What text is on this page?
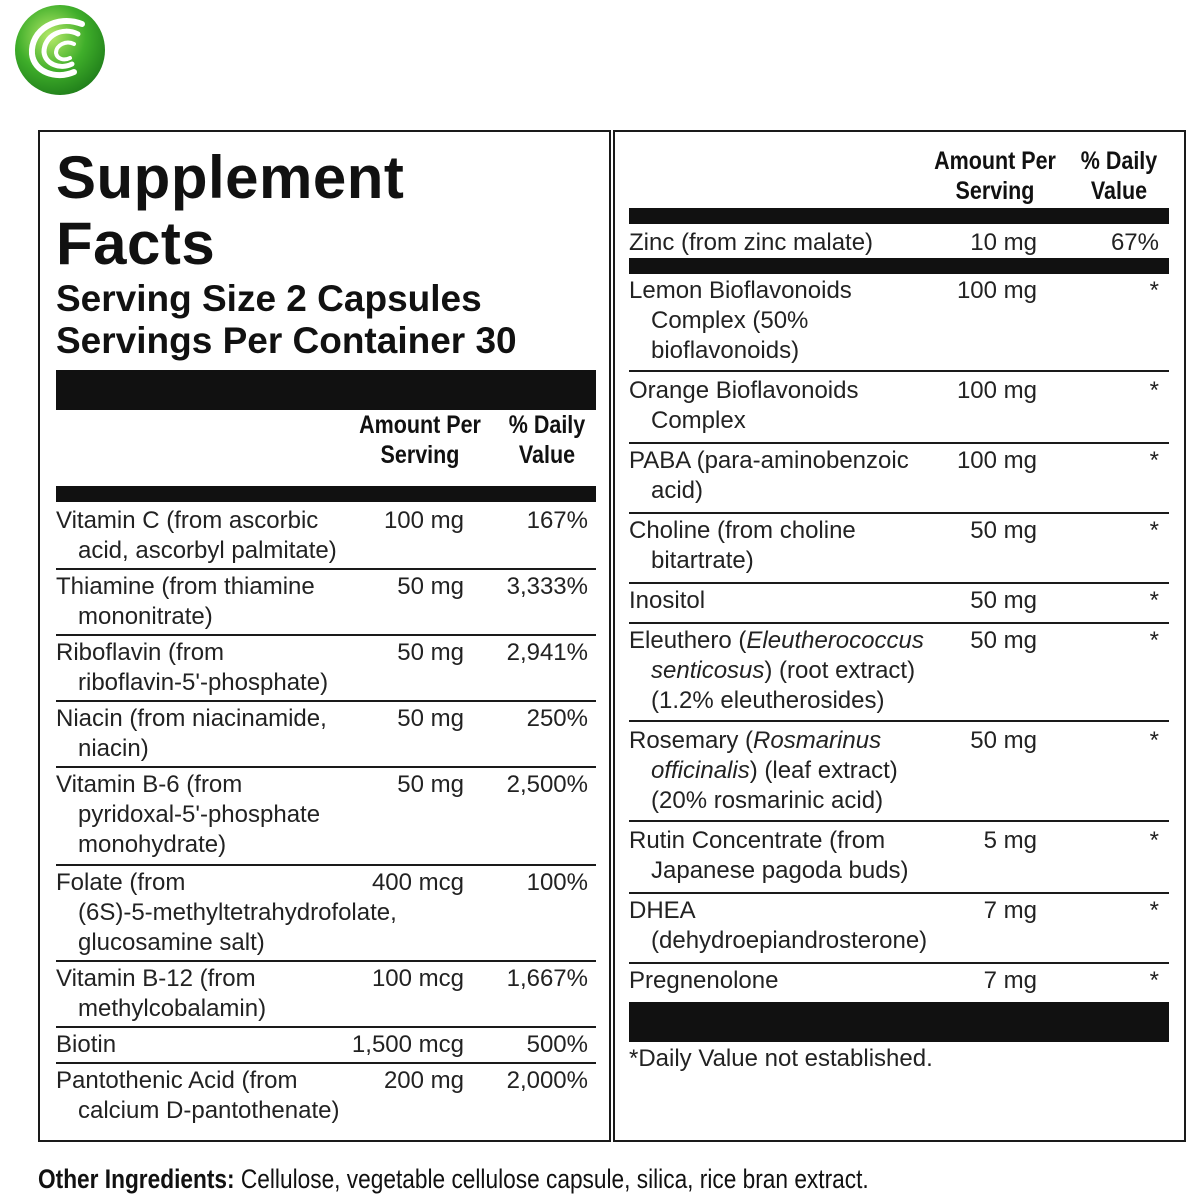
Supplement
Facts
Serving Size 2 Capsules
Servings Per Container 30
Amount Per
Serving
% Daily
Value
Vitamin C (from ascorbic
acid, ascorbyl palmitate)
100 mg	167%
Thiamine (from thiamine
mononitrate)
50 mg 3,333%
Riboflavin (from
riboflavin-5'-phosphate)
50 mg 2,941%
Niacin (from niacinamide,
niacin)
50 mg	250%
Vitamin B-6 (from
pyridoxal-5'-phosphate
monohydrate)
50 mg 2,500%
Folate (from
(6S)-5-methyltetrahydrofolate,
glucosamine salt)
400 mcg	100%
Vitamin B-12 (from
methylcobalamin)
100 mcg 1,667%
Biotin	1,500 mcg	500%
Pantothenic Acid (from
calcium D-pantothenate)
200 mg 2,000%
Amount Per
Serving
% Daily
Value
Zinc (from zinc malate)	10 mg	67%
Lemon Bioflavonoids
Complex (50%
bioflavonoids)
100 mg	*
Orange Bioflavonoids
Complex
100 mg	*
PABA (para-aminobenzoic
acid)
100 mg	*
Choline (from choline
bitartrate)
50 mg	*
Inositol	50 mg	*
Eleuthero (Eleutherococcus
senticosus) (root extract)
(1.2% eleutherosides)
50 mg	*
Rosemary (Rosmarinus
officinalis) (leaf extract)
(20% rosmarinic acid)
50 mg	*
Rutin Concentrate (from
Japanese pagoda buds)
5 mg	*
DHEA
(dehydroepiandrosterone)
7 mg	*
Pregnenolone	7 mg	*
*Daily Value not established.
Other Ingredients: Cellulose, vegetable cellulose capsule, silica, rice bran extract.
